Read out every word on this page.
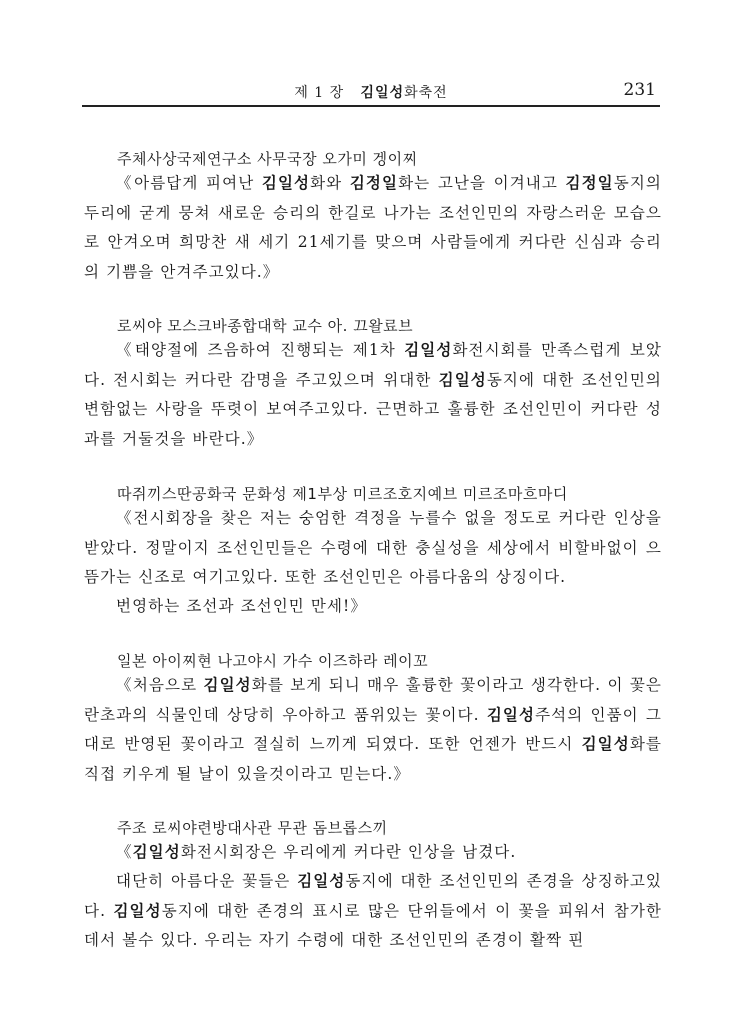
제 1 장 김일성화축전	231
주체사상국제연구소 사무국장 오가미 겡이찌

《아름답게 피여난 김일성화와 김정일화는 고난을 이겨내고 김정일동지의 두리에 굳게 뭉쳐 새로운 승리의 한길로 나가는 조선인민의 자랑스러운 모습으로 안겨오며 희망찬 새 세기 21세기를 맞으며 사람들에게 커다란 신심과 승리의 기쁨을 안겨주고있다.》

로씨야 모스크바종합대학 교수 아. 끄왈료브

《태양절에 즈음하여 진행되는 제1차 김일성화전시회를 만족스럽게 보았다. 전시회는 커다란 감명을 주고있으며 위대한 김일성동지에 대한 조선인민의 변함없는 사랑을 뚜렷이 보여주고있다. 근면하고 훌륭한 조선인민이 커다란 성과를 거둘것을 바란다.》

따쥐끼스딴공화국 문화성 제1부상 미르조호지예브 미르조마흐마디

《전시회장을 찾은 저는 숭엄한 격정을 누를수 없을 정도로 커다란 인상을 받았다. 정말이지 조선인민들은 수령에 대한 충실성을 세상에서 비할바없이 으뜸가는 신조로 여기고있다. 또한 조선인민은 아름다움의 상징이다.

번영하는 조선과 조선인민 만세!》

일본 아이찌현 나고야시 가수 이즈하라 레이꼬

《처음으로 김일성화를 보게 되니 매우 훌륭한 꽃이라고 생각한다. 이 꽃은 란초과의 식물인데 상당히 우아하고 품위있는 꽃이다. 김일성주석의 인품이 그대로 반영된 꽃이라고 절실히 느끼게 되였다. 또한 언젠가 반드시 김일성화를 직접 키우게 될 날이 있을것이라고 믿는다.》

주조 로씨야련방대사관 무관 돔브롭스끼

《김일성화전시회장은 우리에게 커다란 인상을 남겼다.

대단히 아름다운 꽃들은 김일성동지에 대한 조선인민의 존경을 상징하고있다. 김일성동지에 대한 존경의 표시로 많은 단위들에서 이 꽃을 피워서 참가한데서 볼수 있다. 우리는 자기 수령에 대한 조선인민의 존경이 활짝 핀
